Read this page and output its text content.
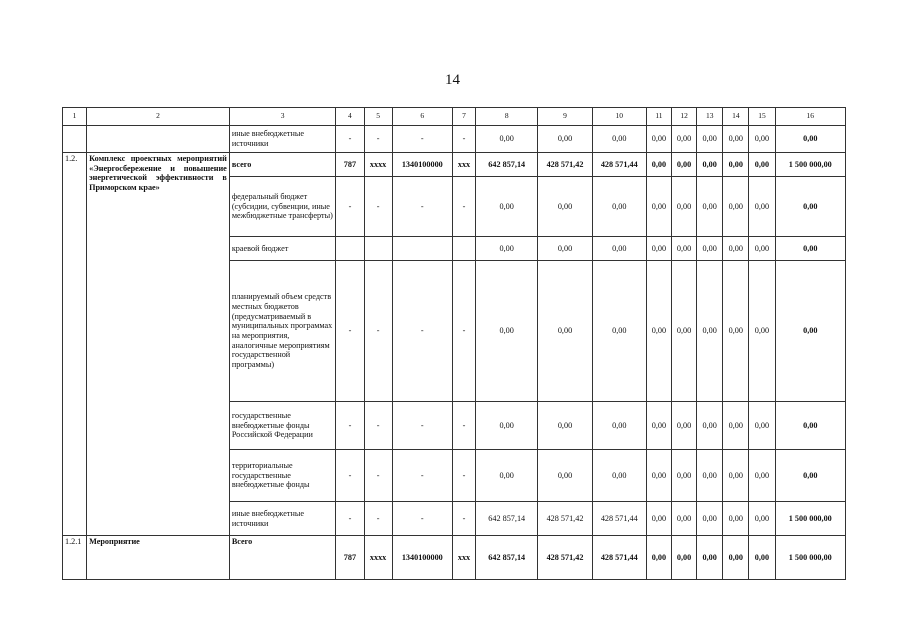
14
1	2	3	4	5	6	7	8	9	10	11	12	13	14	15	16
		иные внебюджетные источники	-	-	-	-	0,00	0,00	0,00	0,00	0,00	0,00	0,00	0,00	0,00
1.2.	Комплекс проектных мероприятий «Энергосбережение и повышение энергетической эффективности в Приморском крае»	всего	787	хххх	1340100000	ххх	642 857,14	428 571,42	428 571,44	0,00	0,00	0,00	0,00	0,00	1 500 000,00
		федеральный бюджет (субсидии, субвенции, иные межбюджетные трансферты)	-	-	-	-	0,00	0,00	0,00	0,00	0,00	0,00	0,00	0,00	0,00
		краевой бюджет					0,00	0,00	0,00	0,00	0,00	0,00	0,00	0,00	0,00
		планируемый объем средств местных бюджетов (предусматриваемый в муниципальных программах на мероприятия, аналогичные мероприятиям государственной программы)	-	-	-	-	0,00	0,00	0,00	0,00	0,00	0,00	0,00	0,00	0,00
		государственные внебюджетные фонды Российской Федерации	-	-	-	-	0,00	0,00	0,00	0,00	0,00	0,00	0,00	0,00	0,00
		территориальные государственные внебюджетные фонды	-	-	-	-	0,00	0,00	0,00	0,00	0,00	0,00	0,00	0,00	0,00
		иные внебюджетные источники	-	-	-	-	642 857,14	428 571,42	428 571,44	0,00	0,00	0,00	0,00	0,00	1 500 000,00
1.2.1	Мероприятие	Всего	787	хххх	1340100000	ххх	642 857,14	428 571,42	428 571,44	0,00	0,00	0,00	0,00	0,00	1 500 000,00
